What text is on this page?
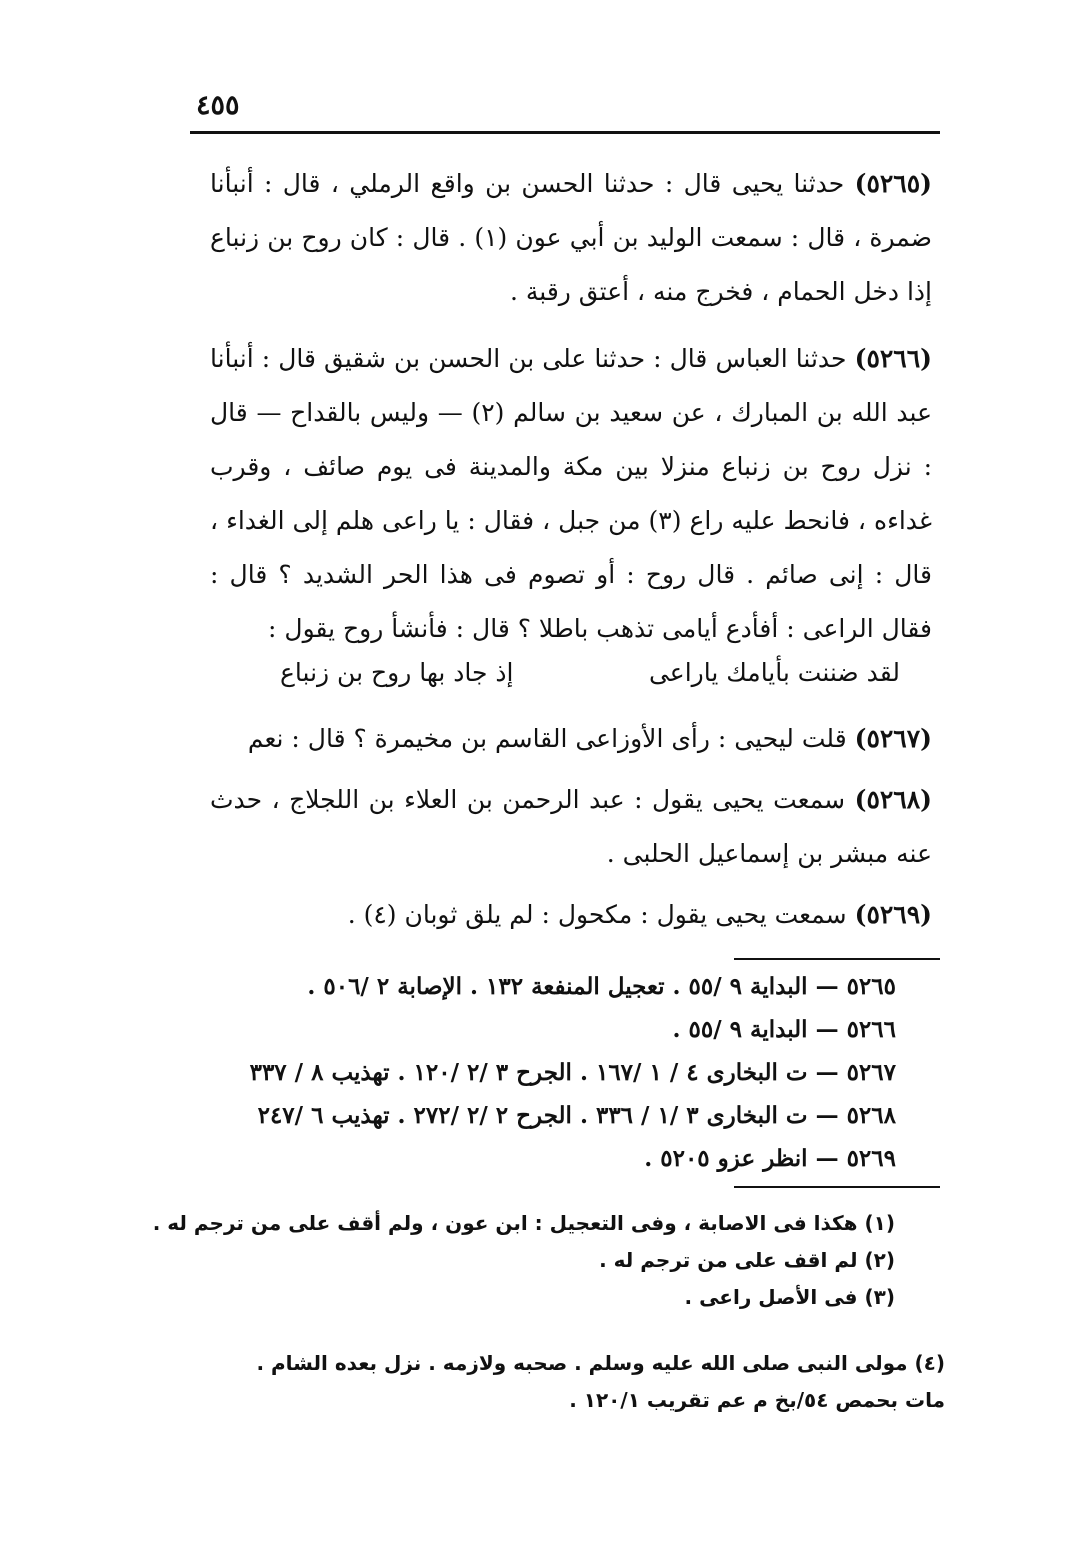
٤٥٥
(٥٢٦٥) حدثنا يحيى قال : حدثنا الحسن بن واقع الرملي ، قال : أنبأنا ضمرة ، قال : سمعت الوليد بن أبي عون (١) . قال : كان روح بن زنباع إذا دخل الحمام ، فخرج منه ، أعتق رقبة .
(٥٢٦٦) حدثنا العباس قال : حدثنا على بن الحسن بن شقيق قال : أنبأنا عبد الله بن المبارك ، عن سعيد بن سالم (٢) — وليس بالقداح — قال : نزل روح بن زنباع منزلا بين مكة والمدينة فى يوم صائف ، وقرب غداءه ، فانحط عليه راع (٣) من جبل ، فقال : يا راعى هلم إلى الغداء ، قال : إنى صائم . قال روح : أو تصوم فى هذا الحر الشديد ؟ قال : فقال الراعى : أفأدع أيامى تذهب باطلا ؟ قال : فأنشأ روح يقول :
لقد ضننت بأيامك ياراعى
إذ جاد بها روح بن زنباع
(٥٢٦٧) قلت ليحيى : رأى الأوزاعى القاسم بن مخيمرة ؟ قال : نعم
(٥٢٦٨) سمعت يحيى يقول : عبد الرحمن بن العلاء بن اللجلاج ، حدث عنه مبشر بن إسماعيل الحلبى .
(٥٢٦٩) سمعت يحيى يقول : مكحول : لم يلق ثوبان (٤) .
٥٢٦٥ — البداية ٩ /٥٥ . تعجيل المنفعة ١٣٢ . الإصابة ٢ /٥٠٦ .
٥٢٦٦ — البداية ٩ /٥٥ .
٥٢٦٧ — ت البخارى ٤ / ١ /١٦٧ . الجرح ٣ /٢ /١٢٠ . تهذيب ٨ / ٣٣٧
٥٢٦٨ — ت البخارى ٣ /١ / ٣٣٦ . الجرح ٢ /٢ /٢٧٢ . تهذيب ٦ /٢٤٧
٥٢٦٩ — انظر عزو ٥٢٠٥ .
(١) هكذا فى الاصابة ، وفى التعجيل : ابن عون ، ولم أقف على من ترجم له .
(٢) لم اقف على من ترجم له .
(٣) فى الأصل راعى .
(٤) مولى النبى صلى الله عليه وسلم . صحبه ولازمه . نزل بعده الشام .
مات بحمص ٥٤/بخ م عم تقريب ١٢٠/١ .
